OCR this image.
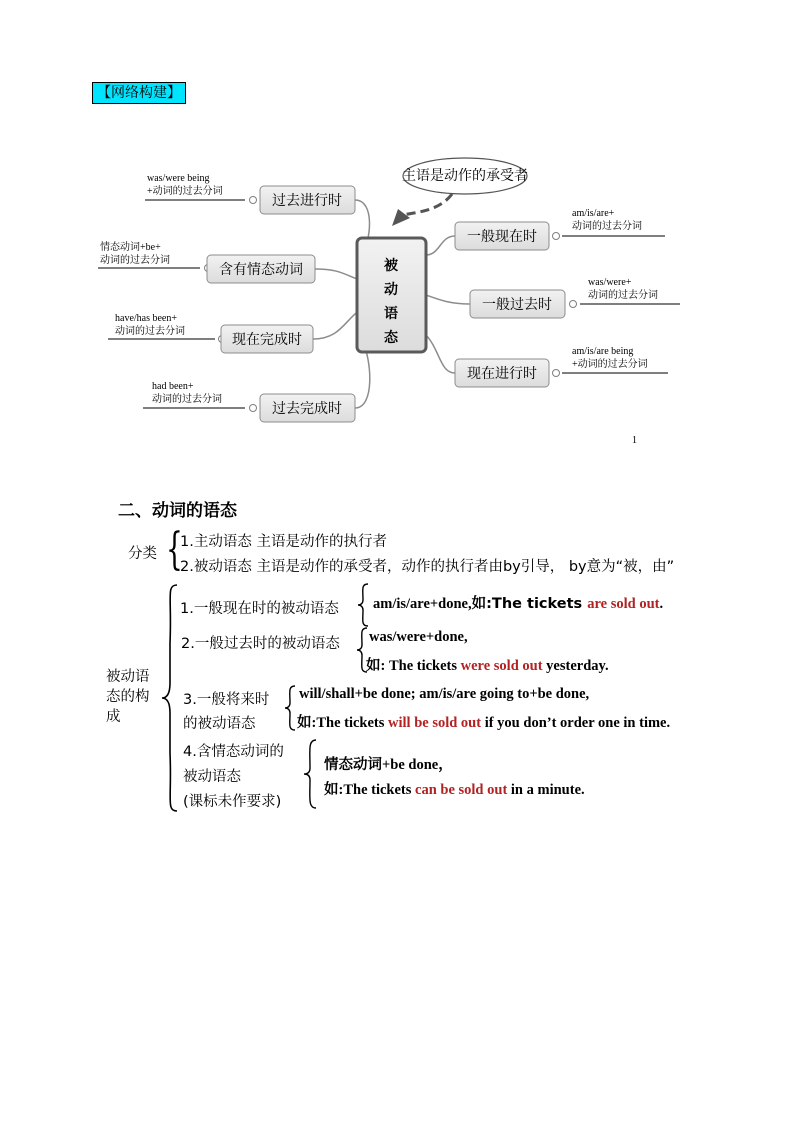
【网络构建】
过去进行时
含有情态动词
现在完成时
过去完成时
一般现在时
一般过去时
现在进行时
was/were being
+动词的过去分词
情态动词+be+
动词的过去分词
have/has been+
动词的过去分词
had been+
动词的过去分词
am/is/are+
动词的过去分词
was/were+
动词的过去分词
am/is/are being
+动词的过去分词
被动语态
主语是动作的承受者
1
二、动词的语态
分类 {
1.主动语态 主语是动作的执行者
2.被动语态 主语是动作的承受者，动作的执行者由by引导， by意为“被，由”
被动语
态的构
成
1.一般现在时的被动语态 am/is/are+done,如:The tickets are sold out.
2.一般过去时的被动语态 was/were+done,
如: The tickets were sold out yesterday.
3.一般将来时
的被动语态
will/shall+be done; am/is/are going to+be done,
如:The tickets will be sold out if you don’t order one in time.
4.含情态动词的
被动语态
(课标未作要求)
情态动词+be done，
如:The tickets can be sold out in a minute.
